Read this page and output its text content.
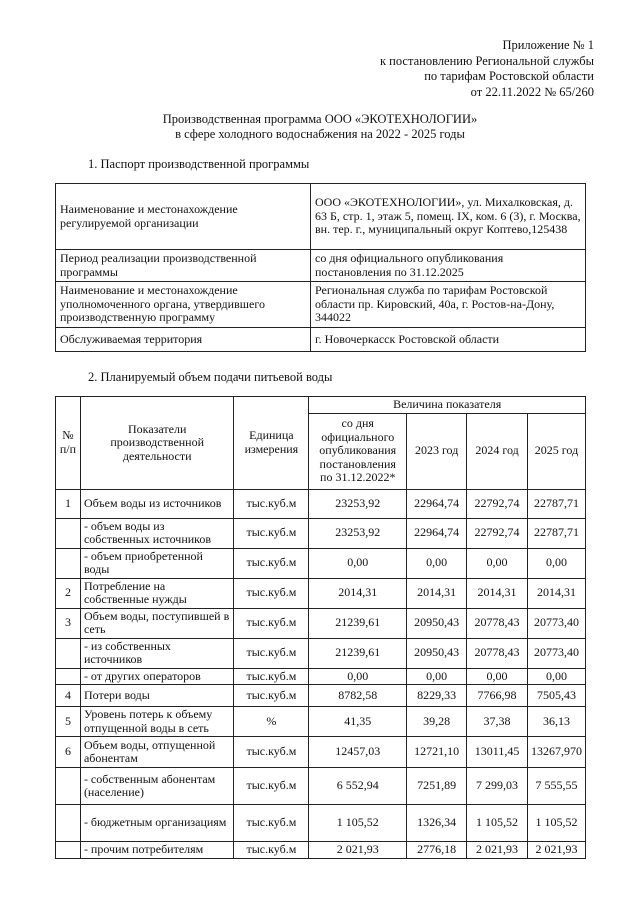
Приложение № 1
к постановлению Региональной службы
по тарифам Ростовской области
от 22.11.2022 № 65/260
Производственная программа ООО «ЭКОТЕХНОЛОГИИ»
в сфере холодного водоснабжения на 2022 - 2025 годы
1. Паспорт производственной программы
Наименование и местонахождение регулируемой организации	ООО «ЭКОТЕХНОЛОГИИ», ул. Михалковская, д. 63 Б, стр. 1, этаж 5, помещ. IX, ком. 6 (3), г. Москва, вн. тер. г., муниципальный округ Коптево,125438
Период реализации производственной программы	со дня официального опубликования постановления по 31.12.2025
Наименование и местонахождение уполномоченного органа, утвердившего производственную программу	Региональная служба по тарифам Ростовской области пр. Кировский, 40а, г. Ростов-на-Дону, 344022
Обслуживаемая территория	г. Новочеркасск Ростовской области
2. Планируемый объем подачи питьевой воды
№ п/п	Показатели производственной деятельности	Единица измерения	Величина показателя			
			со дня официального опубликования постановления по 31.12.2022*	2023 год	2024 год	2025 год
1	Объем воды из источников	тыс.куб.м	23253,92	22964,74	22792,74	22787,71
	- объем воды из собственных источников	тыс.куб.м	23253,92	22964,74	22792,74	22787,71
	- объем приобретенной воды	тыс.куб.м	0,00	0,00	0,00	0,00
2	Потребление на собственные нужды	тыс.куб.м	2014,31	2014,31	2014,31	2014,31
3	Объем воды, поступившей в сеть	тыс.куб.м	21239,61	20950,43	20778,43	20773,40
	- из собственных источников	тыс.куб.м	21239,61	20950,43	20778,43	20773,40
	- от других операторов	тыс.куб.м	0,00	0,00	0,00	0,00
4	Потери воды	тыс.куб.м	8782,58	8229,33	7766,98	7505,43
5	Уровень потерь к объему отпущенной воды в сеть	%	41,35	39,28	37,38	36,13
6	Объем воды, отпущенной абонентам	тыс.куб.м	12457,03	12721,10	13011,45	13267,970
	- собственным абонентам (население)	тыс.куб.м	6 552,94	7251,89	7 299,03	7 555,55
	- бюджетным организациям	тыс.куб.м	1 105,52	1326,34	1 105,52	1 105,52
	- прочим потребителям	тыс.куб.м	2 021,93	2776,18	2 021,93	2 021,93
